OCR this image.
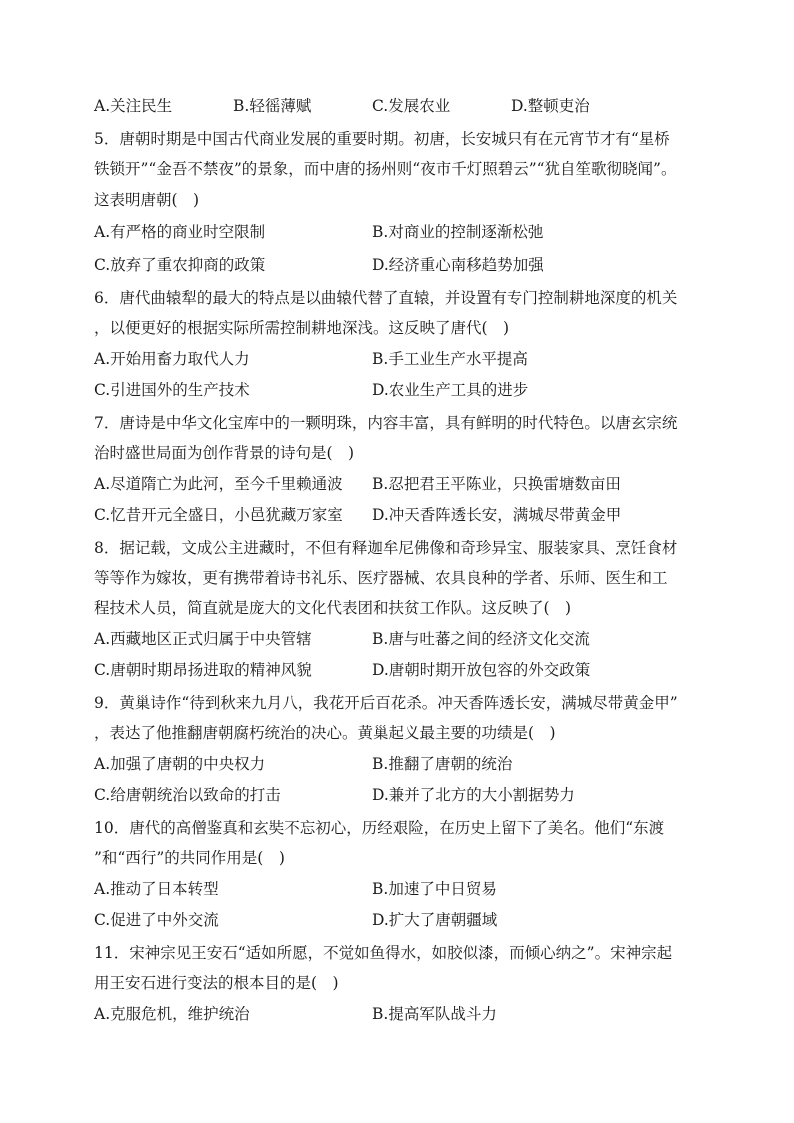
A.关注民生	B.轻徭薄赋	C.发展农业	D.整顿吏治
5．唐朝时期是中国古代商业发展的重要时期。初唐，长安城只有在元宵节才有“星桥
铁锁开”“金吾不禁夜”的景象，而中唐的扬州则“夜市千灯照碧云”“犹自笙歌彻晓闻”。
这表明唐朝(　)
A.有严格的商业时空限制	B.对商业的控制逐渐松弛
C.放弃了重农抑商的政策	D.经济重心南移趋势加强
6．唐代曲辕犁的最大的特点是以曲辕代替了直辕，并设置有专门控制耕地深度的机关
，以便更好的根据实际所需控制耕地深浅。这反映了唐代(　)
A.开始用畜力取代人力	B.手工业生产水平提高
C.引进国外的生产技术	D.农业生产工具的进步
7．唐诗是中华文化宝库中的一颗明珠，内容丰富，具有鲜明的时代特色。以唐玄宗统
治时盛世局面为创作背景的诗句是(　)
A.尽道隋亡为此河，至今千里赖通波 B.忍把君王平陈业，只换雷塘数亩田
C.忆昔开元全盛日，小邑犹藏万家室 D.冲天香阵透长安，满城尽带黄金甲
8．据记载，文成公主进藏时，不但有释迦牟尼佛像和奇珍异宝、服装家具、烹饪食材
等等作为嫁妆，更有携带着诗书礼乐、医疗器械、农具良种的学者、乐师、医生和工
程技术人员，简直就是庞大的文化代表团和扶贫工作队。这反映了(　)
A.西藏地区正式归属于中央管辖	B.唐与吐蕃之间的经济文化交流
C.唐朝时期昂扬进取的精神风貌	D.唐朝时期开放包容的外交政策
9．黄巢诗作“待到秋来九月八，我花开后百花杀。冲天香阵透长安，满城尽带黄金甲”
，表达了他推翻唐朝腐朽统治的决心。黄巢起义最主要的功绩是(　)
A.加强了唐朝的中央权力	B.推翻了唐朝的统治
C.给唐朝统治以致命的打击	D.兼并了北方的大小割据势力
10．唐代的高僧鉴真和玄奘不忘初心，历经艰险，在历史上留下了美名。他们“东渡
”和“西行”的共同作用是(　)
A.推动了日本转型	B.加速了中日贸易
C.促进了中外交流	D.扩大了唐朝疆域
11．宋神宗见王安石“适如所愿，不觉如鱼得水，如胶似漆，而倾心纳之”。宋神宗起
用王安石进行变法的根本目的是(　)
A.克服危机，维护统治	B.提高军队战斗力
